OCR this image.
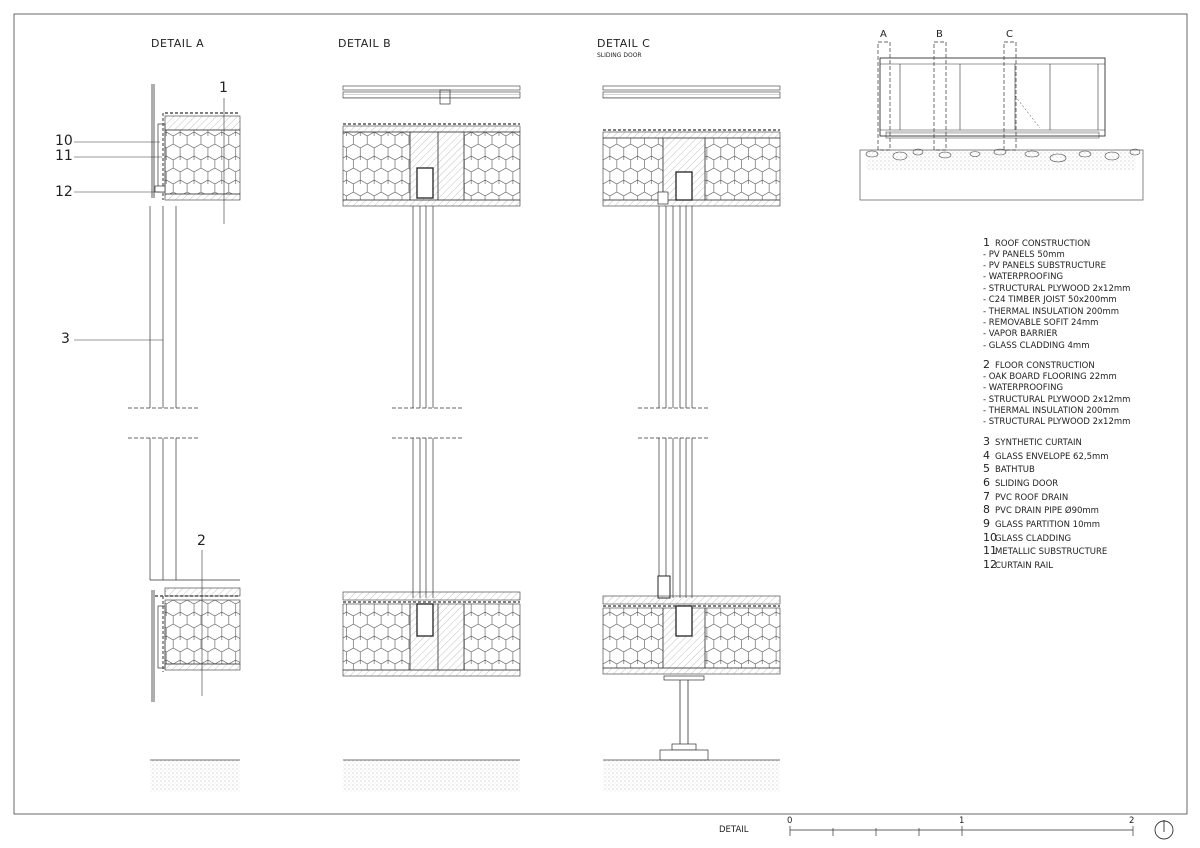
DETAIL A	DETAIL B	DETAIL C
SLIDING DOOR
1
2
3
10
11
12
A	B	C
1 ROOF CONSTRUCTION
- PV PANELS 50mm
- PV PANELS SUBSTRUCTURE
- WATERPROOFING
- STRUCTURAL PLYWOOD 2x12mm
- C24 TIMBER JOIST 50x200mm
- THERMAL INSULATION 200mm
- REMOVABLE SOFIT 24mm
- VAPOR BARRIER
- GLASS CLADDING 4mm
2 FLOOR CONSTRUCTION
- OAK BOARD FLOORING 22mm
- WATERPROOFING
- STRUCTURAL PLYWOOD 2x12mm
- THERMAL INSULATION 200mm
- STRUCTURAL PLYWOOD 2x12mm
3 SYNTHETIC CURTAIN
4 GLASS ENVELOPE 62,5mm
5 BATHTUB
6 SLIDING DOOR
7 PVC ROOF DRAIN
8 PVC DRAIN PIPE Ø90mm
9 GLASS PARTITION 10mm
10GLASS CLADDING
11METALLIC SUBSTRUCTURE
12CURTAIN RAIL
DETAIL
0	1	2
